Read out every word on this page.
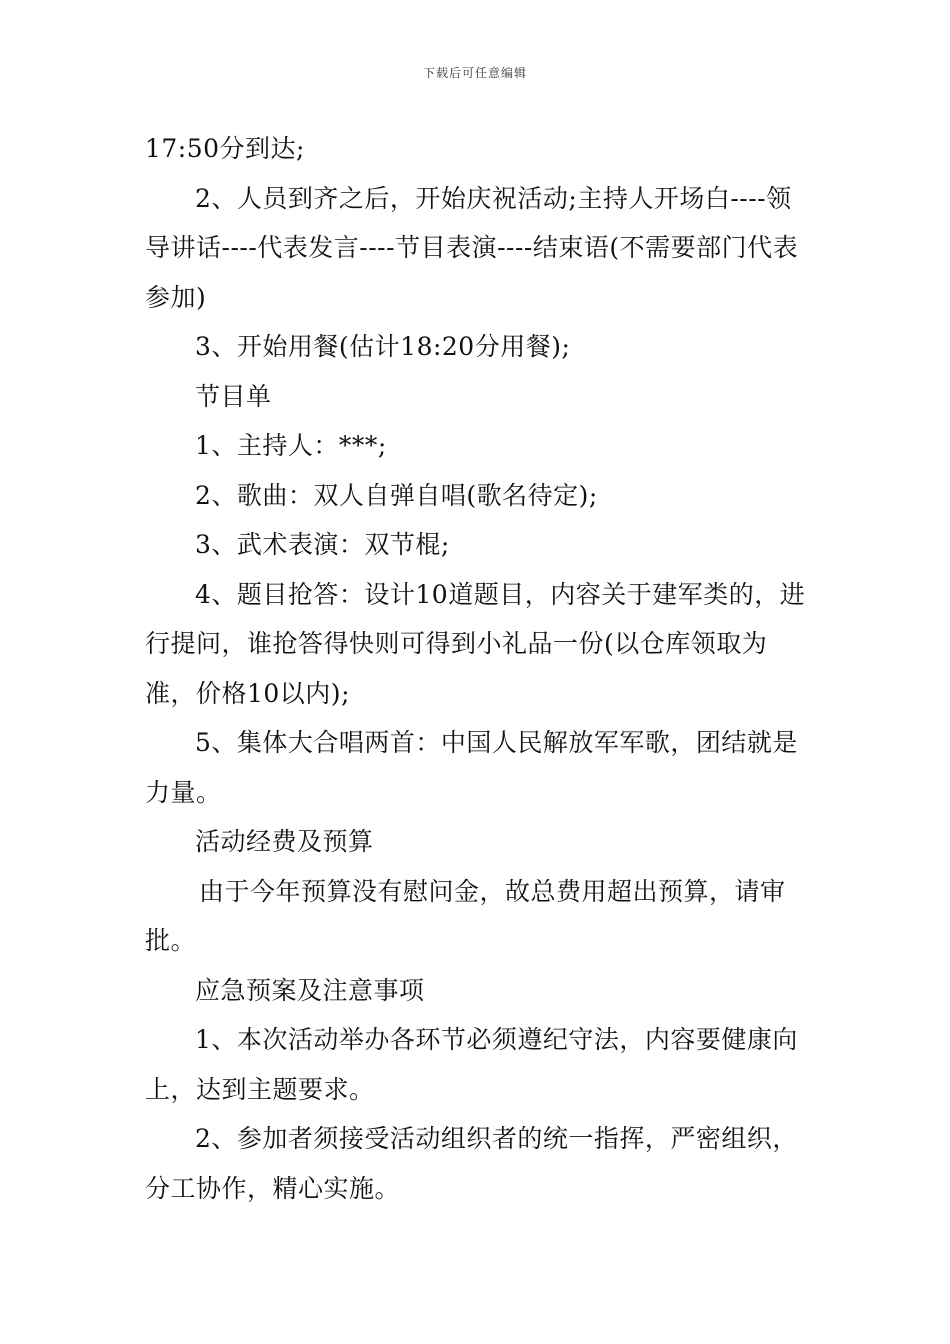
下载后可任意编辑

17:50分到达;

2、人员到齐之后，开始庆祝活动;主持人开场白----领导讲话----代表发言----节目表演----结束语(不需要部门代表参加)

3、开始用餐(估计18:20分用餐);

节目单

1、主持人：***;

2、歌曲：双人自弹自唱(歌名待定);

3、武术表演：双节棍;

4、题目抢答：设计10道题目，内容关于建军类的，进行提问，谁抢答得快则可得到小礼品一份(以仓库领取为准，价格10以内);

5、集体大合唱两首：中国人民解放军军歌，团结就是力量。

活动经费及预算

由于今年预算没有慰问金，故总费用超出预算，请审批。

应急预案及注意事项

1、本次活动举办各环节必须遵纪守法，内容要健康向上，达到主题要求。

2、参加者须接受活动组织者的统一指挥，严密组织，分工协作，精心实施。
